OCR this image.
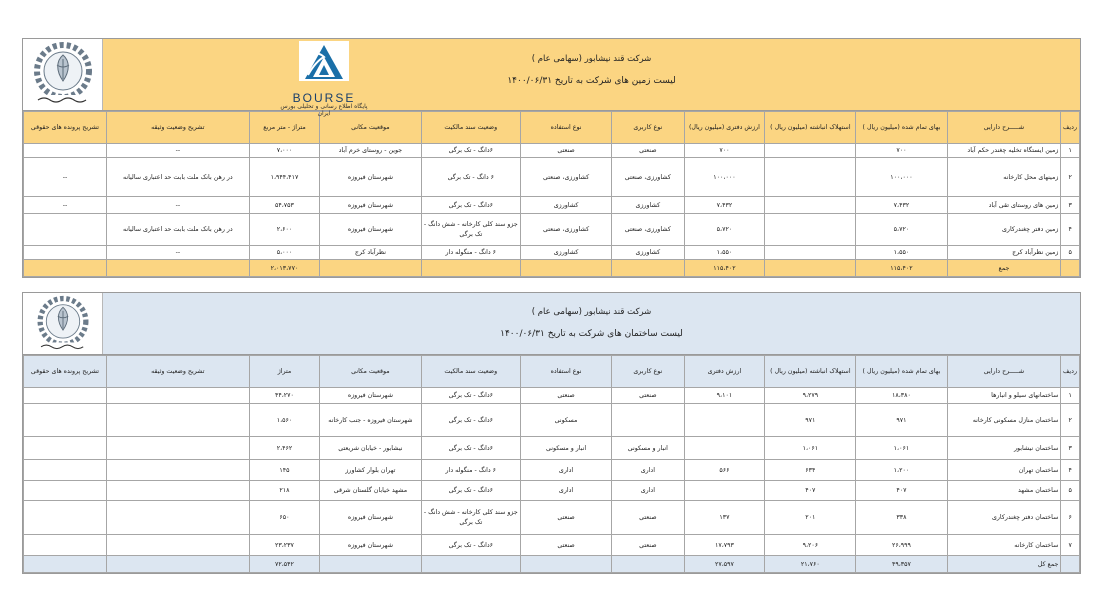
BOURSE
پایگاه اطلاع رسانی و تحلیلی بورس ایران
شرکت قند نیشابور (سهامی عام )
لیست زمین های شرکت به تاریخ ۱۴۰۰/۰۶/۳۱
ردیف	شـــــرح دارایی	بهای تمام شده (میلیون ریال )	استهلاک انباشته (میلیون ریال )	ارزش دفتری (میلیون ریال)	نوع کاربری	نوع استفاده	وضعیت سند مالکیت	موقعیت مکانی	متراژ - متر مربع	تشریح وضعیت وثیقه	تشریح پرونده های حقوقی
۱	زمین ایستگاه تخلیه چغندر حکم آباد	۷۰۰		۷۰۰	صنعتی	صنعتی	۶دانگ - تک برگی	جوین - روستای خرم آباد	۷،۰۰۰	--	
۲	زمینهای محل کارخانه	۱۰۰،۰۰۰		۱۰۰،۰۰۰	کشاورزی، صنعتی	کشاورزی، صنعتی	۶ دانگ - تک برگی	شهرستان فیروزه	۱،۹۴۴،۴۱۷	در رهن بانک ملت بابت حد اعتباری سالیانه	--
۳	زمین های روستای تقی آباد	۷،۴۳۲		۷،۴۳۲	کشاورزی	کشاورزی	۶دانگ - تک برگی	شهرستان فیروزه	۵۴،۷۵۳	--	--
۴	زمین دفتر چغندرکاری	۵،۷۲۰		۵،۷۲۰	کشاورزی، صنعتی	کشاورزی، صنعتی	جزو سند کلی کارخانه - شش دانگ - تک برگی	شهرستان فیروزه	۲،۶۰۰	در رهن بانک ملت بابت حد اعتباری سالیانه	
۵	زمین نظرآباد کرج	۱،۵۵۰		۱،۵۵۰	کشاورزی	کشاورزی	۶ دانگ - منگوله دار	نظرآباد کرج	۵،۰۰۰	--	
	جمع	۱۱۵،۴۰۲		۱۱۵،۴۰۲					۲،۰۱۳،۷۷۰		
شرکت قند نیشابور (سهامی عام )
لیست ساختمان های شرکت به تاریخ ۱۴۰۰/۰۶/۳۱
ردیف	شـــــرح دارایی	بهای تمام شده (میلیون ریال )	استهلاک انباشته (میلیون ریال )	ارزش دفتری	نوع کاربری	نوع استفاده	وضعیت سند مالکیت	موقعیت مکانی	متراژ	تشریح وضعیت وثیقه	تشریح پرونده های حقوقی
۱	ساختمانهای سیلو و انبارها	۱۸،۳۸۰	۹،۲۷۹	۹،۱۰۱	صنعتی	صنعتی	۶دانگ - تک برگی	شهرستان فیروزه	۴۴،۲۷۰		
۲	ساختمان منازل مسکونی کارخانه	۹۷۱	۹۷۱			مسکونی	۶دانگ - تک برگی	شهرستان فیروزه - جنب کارخانه	۱،۵۶۰		
۳	ساختمان نیشابور	۱،۰۶۱	۱،۰۶۱		انبار و مسکونی	انبار و مسکونی	۶دانگ - تک برگی	نیشابور - خیابان شریعتی	۲،۴۶۲		
۴	ساختمان تهران	۱،۲۰۰	۶۳۴	۵۶۶	اداری	اداری	۶ دانگ - منگوله دار	تهران بلوار کشاورز	۱۴۵		
۵	ساختمان مشهد	۴۰۷	۴۰۷		اداری	اداری	۶دانگ - تک برگی	مشهد خیابان گلستان شرقی	۲۱۸		
۶	ساختمان دفتر چغندرکاری	۳۳۸	۲۰۱	۱۳۷	صنعتی	صنعتی	جزو سند کلی کارخانه - شش دانگ - تک برگی	شهرستان فیروزه	۶۵۰		
۷	ساختمان کارخانه	۲۶،۹۹۹	۹،۲۰۶	۱۷،۷۹۳	صنعتی	صنعتی	۶دانگ - تک برگی	شهرستان فیروزه	۲۳،۲۳۷		
	جمع کل	۴۹،۳۵۷	۲۱،۷۶۰	۲۷،۵۹۷					۷۲،۵۴۲		
